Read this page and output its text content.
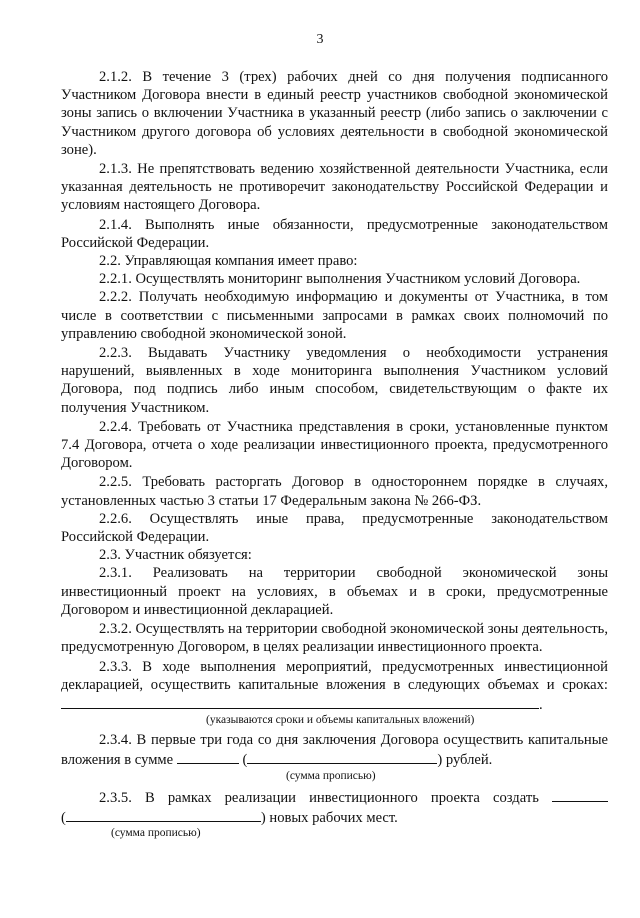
3

2.1.2. В течение 3 (трех) рабочих дней со дня получения подписанного Участником Договора внести в единый реестр участников свободной экономической зоны запись о включении Участника в указанный реестр (либо запись о заключении с Участником другого договора об условиях деятельности в свободной экономической зоне).

2.1.3. Не препятствовать ведению хозяйственной деятельности Участника, если указанная деятельность не противоречит законодательству Российской Федерации и условиям настоящего Договора.

2.1.4. Выполнять иные обязанности, предусмотренные законодательством Российской Федерации.

2.2. Управляющая компания имеет право:

2.2.1. Осуществлять мониторинг выполнения Участником условий Договора.

2.2.2. Получать необходимую информацию и документы от Участника, в том числе в соответствии с письменными запросами в рамках своих полномочий по управлению свободной экономической зоной.

2.2.3. Выдавать Участнику уведомления о необходимости устранения нарушений, выявленных в ходе мониторинга выполнения Участником условий Договора, под подпись либо иным способом, свидетельствующим о факте их получения Участником.

2.2.4. Требовать от Участника представления в сроки, установленные пунктом 7.4 Договора, отчета о ходе реализации инвестиционного проекта, предусмотренного Договором.

2.2.5. Требовать расторгать Договор в одностороннем порядке в случаях, установленных частью 3 статьи 17 Федеральным закона № 266-ФЗ.

2.2.6. Осуществлять иные права, предусмотренные законодательством Российской Федерации.

2.3. Участник обязуется:

2.3.1. Реализовать на территории свободной экономической зоны инвестиционный проект на условиях, в объемах и в сроки, предусмотренные Договором и инвестиционной декларацией.

2.3.2. Осуществлять на территории свободной экономической зоны деятельность, предусмотренную Договором, в целях реализации инвестиционного проекта.

2.3.3. В ходе выполнения мероприятий, предусмотренных инвестиционной декларацией, осуществить капитальные вложения в следующих объемах и сроках:.

(указываются сроки и объемы капитальных вложений)

2.3.4. В первые три года со дня заключения Договора осуществить капитальные вложения в сумме	(	) рублей.

(сумма прописью)

2.3.5. В рамках реализации инвестиционного проекта создать

(	) новых рабочих мест.

(сумма прописью)
